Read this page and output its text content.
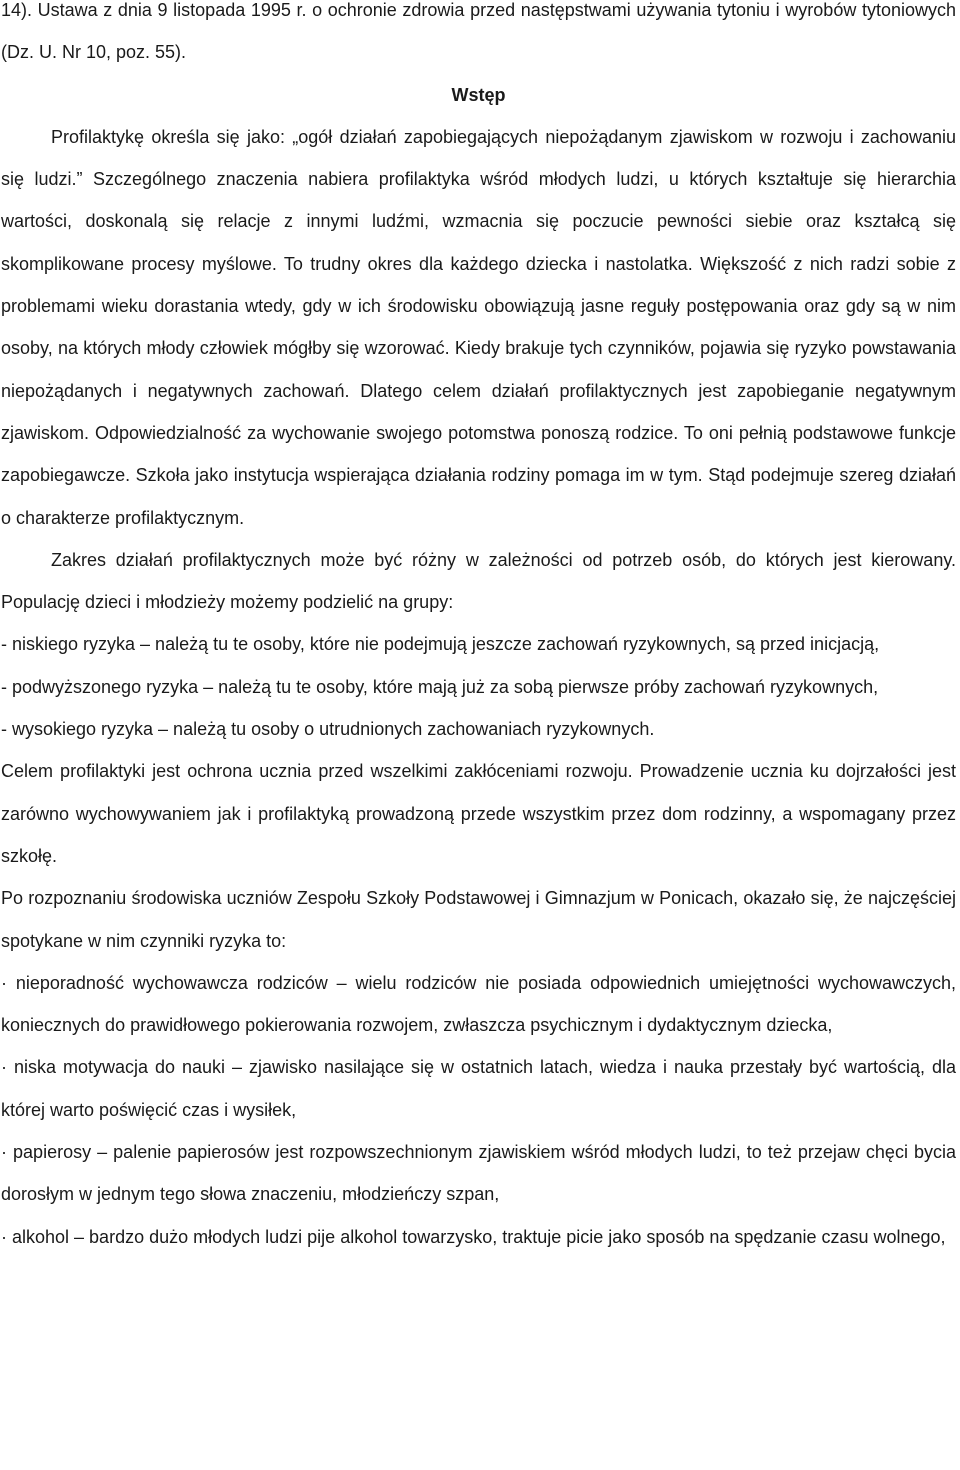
14). Ustawa z dnia 9 listopada 1995 r. o ochronie zdrowia przed następstwami używania tytoniu i wyrobów tytoniowych (Dz. U. Nr 10, poz. 55).

Wstęp

Profilaktykę określa się jako: „ogół działań zapobiegających niepożądanym zjawiskom w rozwoju i zachowaniu się ludzi.” Szczególnego znaczenia nabiera profilaktyka wśród młodych ludzi, u których kształtuje się hierarchia wartości, doskonalą się relacje z innymi ludźmi, wzmacnia się poczucie pewności siebie oraz kształcą się skomplikowane procesy myślowe. To trudny okres dla każdego dziecka i nastolatka. Większość z nich radzi sobie z problemami wieku dorastania wtedy, gdy w ich środowisku obowiązują jasne reguły postępowania oraz gdy są w nim osoby, na których młody człowiek mógłby się wzorować. Kiedy brakuje tych czynników, pojawia się ryzyko powstawania niepożądanych i negatywnych zachowań. Dlatego celem działań profilaktycznych jest zapobieganie negatywnym zjawiskom. Odpowiedzialność za wychowanie swojego potomstwa ponoszą rodzice. To oni pełnią podstawowe funkcje zapobiegawcze. Szkoła jako instytucja wspierająca działania rodziny pomaga im w tym. Stąd podejmuje szereg działań o charakterze profilaktycznym.

Zakres działań profilaktycznych może być różny w zależności od potrzeb osób, do których jest kierowany. Populację dzieci i młodzieży możemy podzielić na grupy:

- niskiego ryzyka – należą tu te osoby, które nie podejmują jeszcze zachowań ryzykownych, są przed inicjacją,

- podwyższonego ryzyka – należą tu te osoby, które mają już za sobą pierwsze próby zachowań ryzykownych,

- wysokiego ryzyka – należą tu osoby o utrudnionych zachowaniach ryzykownych.

Celem profilaktyki jest ochrona ucznia przed wszelkimi zakłóceniami rozwoju. Prowadzenie ucznia ku dojrzałości jest zarówno wychowywaniem jak i profilaktyką prowadzoną przede wszystkim przez dom rodzinny, a wspomagany przez szkołę.

Po rozpoznaniu środowiska uczniów Zespołu Szkoły Podstawowej i Gimnazjum w Ponicach, okazało się, że najczęściej spotykane w nim czynniki ryzyka to:

· nieporadność wychowawcza rodziców – wielu rodziców nie posiada odpowiednich umiejętności wychowawczych, koniecznych do prawidłowego pokierowania rozwojem, zwłaszcza psychicznym i dydaktycznym dziecka,

· niska motywacja do nauki – zjawisko nasilające się w ostatnich latach, wiedza i nauka przestały być wartością, dla której warto poświęcić czas i wysiłek,

· papierosy – palenie papierosów jest rozpowszechnionym zjawiskiem wśród młodych ludzi, to też przejaw chęci bycia dorosłym w jednym tego słowa znaczeniu, młodzieńczy szpan,

· alkohol – bardzo dużo młodych ludzi pije alkohol towarzysko, traktuje picie jako sposób na spędzanie czasu wolnego,
